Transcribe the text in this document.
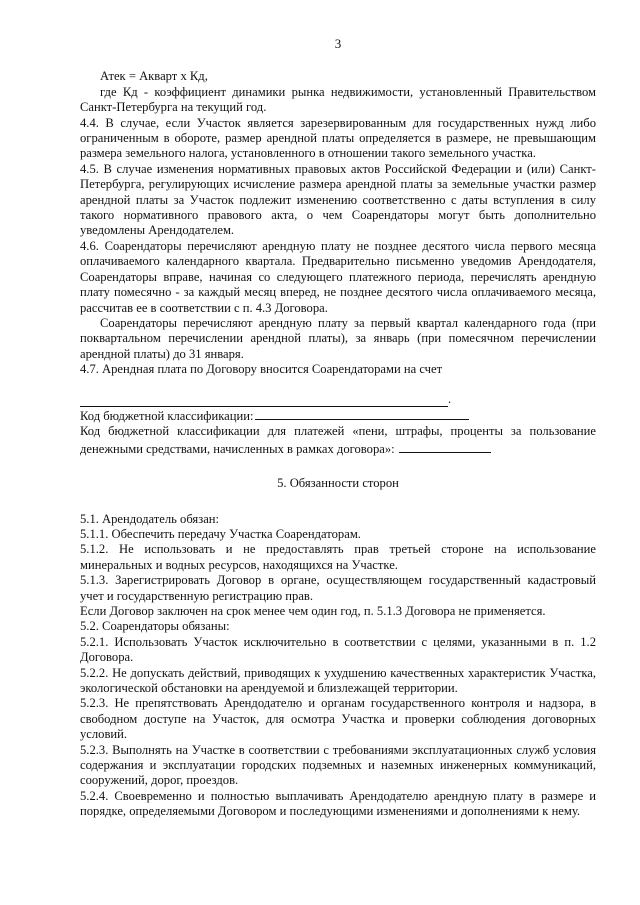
3

Атек = Акварт х Кд,

где Кд - коэффициент динамики рынка недвижимости, установленный Правительством Санкт-Петербурга на текущий год.

4.4. В случае, если Участок является зарезервированным для государственных нужд либо ограниченным в обороте, размер арендной платы определяется в размере, не превышающим размера земельного налога, установленного в отношении такого земельного участка.

4.5. В случае изменения нормативных правовых актов Российской Федерации и (или) Санкт-Петербурга, регулирующих исчисление размера арендной платы за земельные участки размер арендной платы за Участок подлежит изменению соответственно с даты вступления в силу такого нормативного правового акта, о чем Соарендаторы могут быть дополнительно уведомлены Арендодателем.

4.6. Соарендаторы перечисляют арендную плату не позднее десятого числа первого месяца оплачиваемого календарного квартала. Предварительно письменно уведомив Арендодателя, Соарендаторы вправе, начиная со следующего платежного периода, перечислять арендную плату помесячно - за каждый месяц вперед, не позднее десятого числа оплачиваемого месяца, рассчитав ее в соответствии с п. 4.3 Договора.

Соарендаторы перечисляют арендную плату за первый квартал календарного года (при поквартальном перечислении арендной платы), за январь (при помесячном перечислении арендной платы) до 31 января.

4.7. Арендная плата по Договору вносится Соарендаторами на счет

.

Код бюджетной классификации:

Код бюджетной классификации для платежей «пени, штрафы, проценты за пользование денежными средствами, начисленных в рамках договора»:

5. Обязанности сторон

5.1. Арендодатель обязан:

5.1.1. Обеспечить передачу Участка Соарендаторам.

5.1.2. Не использовать и не предоставлять прав третьей стороне на использование минеральных и водных ресурсов, находящихся на Участке.

5.1.3. Зарегистрировать Договор в органе, осуществляющем государственный кадастровый учет и государственную регистрацию прав.

Если Договор заключен на срок менее чем один год, п. 5.1.3 Договора не применяется.

5.2. Соарендаторы обязаны:

5.2.1. Использовать Участок исключительно в соответствии с целями, указанными в п. 1.2 Договора.

5.2.2. Не допускать действий, приводящих к ухудшению качественных характеристик Участка, экологической обстановки на арендуемой и близлежащей территории.

5.2.3. Не препятствовать Арендодателю и органам государственного контроля и надзора, в свободном доступе на Участок, для осмотра Участка и проверки соблюдения договорных условий.

5.2.3. Выполнять на Участке в соответствии с требованиями эксплуатационных служб условия содержания и эксплуатации городских подземных и наземных инженерных коммуникаций, сооружений, дорог, проездов.

5.2.4. Своевременно и полностью выплачивать Арендодателю арендную плату в размере и порядке, определяемыми Договором и последующими изменениями и дополнениями к нему.
